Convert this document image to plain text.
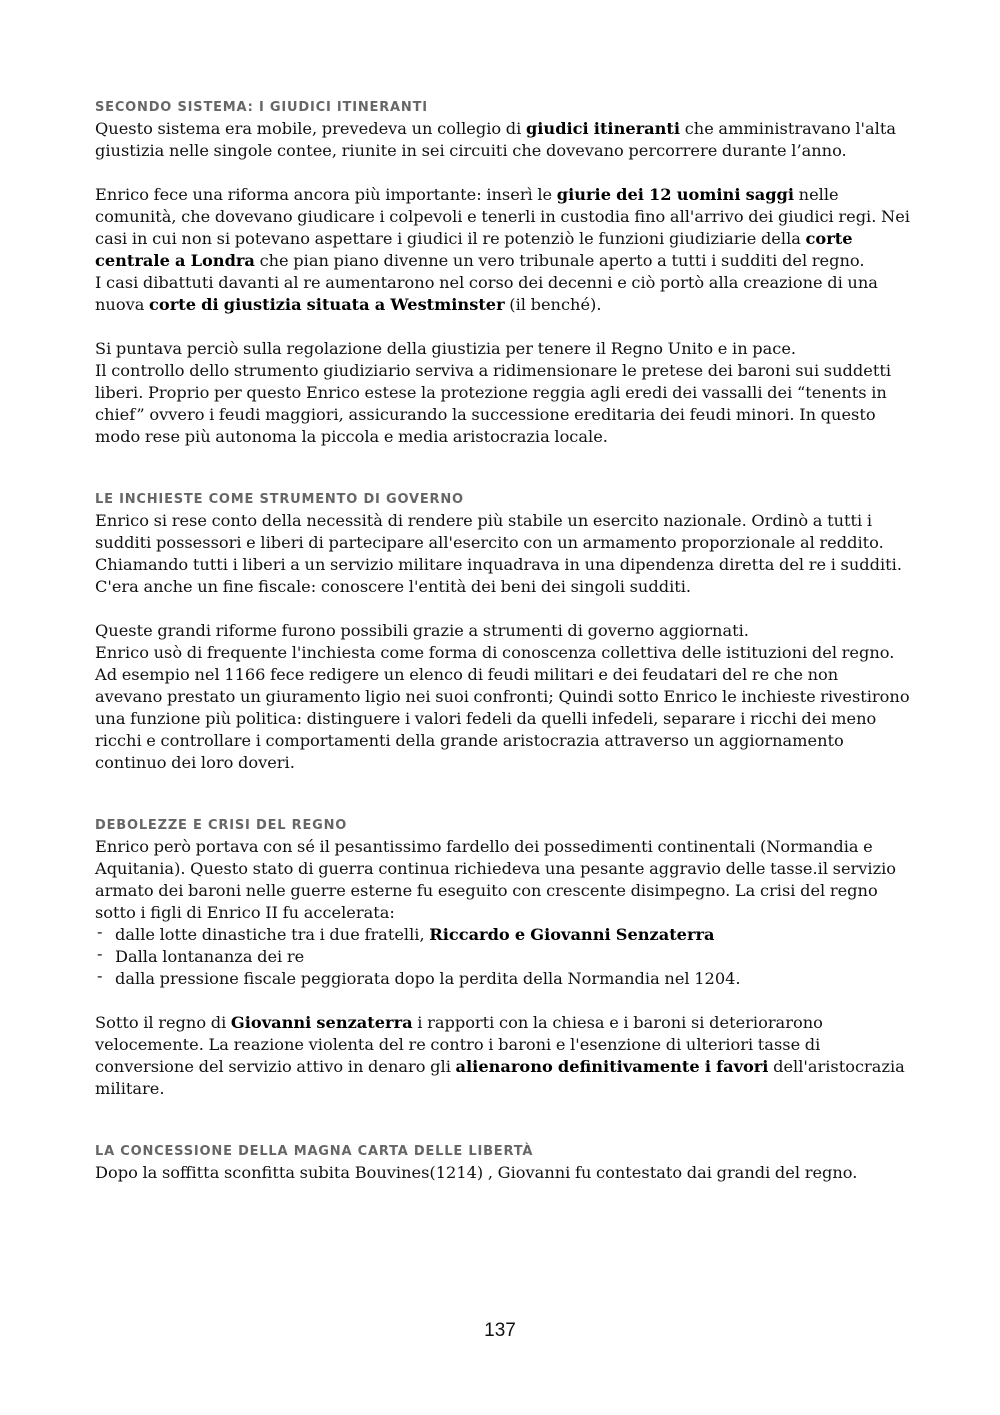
SECONDO SISTEMA: I GIUDICI ITINERANTI

Questo sistema era mobile, prevedeva un collegio di giudici itineranti che amministravano l'alta giustizia nelle singole contee, riunite in sei circuiti che dovevano percorrere durante l’anno.

Enrico fece una riforma ancora più importante: inserì le giurie dei 12 uomini saggi nelle comunità, che dovevano giudicare i colpevoli e tenerli in custodia fino all'arrivo dei giudici regi. Nei casi in cui non si potevano aspettare i giudici il re potenziò le funzioni giudiziarie della corte centrale a Londra che pian piano divenne un vero tribunale aperto a tutti i sudditi del regno.

I casi dibattuti davanti al re aumentarono nel corso dei decenni e ciò portò alla creazione di una nuova corte di giustizia situata a Westminster (il benché).

Si puntava perciò sulla regolazione della giustizia per tenere il Regno Unito e in pace.

Il controllo dello strumento giudiziario serviva a ridimensionare le pretese dei baroni sui suddetti liberi. Proprio per questo Enrico estese la protezione reggia agli eredi dei vassalli dei “tenents in chief” ovvero i feudi maggiori, assicurando la successione ereditaria dei feudi minori. In questo modo rese più autonoma la piccola e media aristocrazia locale.

LE INCHIESTE COME STRUMENTO DI GOVERNO

Enrico si rese conto della necessità di rendere più stabile un esercito nazionale. Ordinò a tutti i sudditi possessori e liberi di partecipare all'esercito con un armamento proporzionale al reddito.

Chiamando tutti i liberi a un servizio militare inquadrava in una dipendenza diretta del re i sudditi. C'era anche un fine fiscale: conoscere l'entità dei beni dei singoli sudditi.

Queste grandi riforme furono possibili grazie a strumenti di governo aggiornati.

Enrico usò di frequente l'inchiesta come forma di conoscenza collettiva delle istituzioni del regno. Ad esempio nel 1166 fece redigere un elenco di feudi militari e dei feudatari del re che non avevano prestato un giuramento ligio nei suoi confronti; Quindi sotto Enrico le inchieste rivestirono una funzione più politica: distinguere i valori fedeli da quelli infedeli, separare i ricchi dei meno ricchi e controllare i comportamenti della grande aristocrazia attraverso un aggiornamento continuo dei loro doveri.

DEBOLEZZE E CRISI DEL REGNO

Enrico però portava con sé il pesantissimo fardello dei possedimenti continentali (Normandia e Aquitania). Questo stato di guerra continua richiedeva una pesante aggravio delle tasse.il servizio armato dei baroni nelle guerre esterne fu eseguito con crescente disimpegno. La crisi del regno sotto i figli di Enrico II fu accelerata:

- dalle lotte dinastiche tra i due fratelli, Riccardo e Giovanni Senzaterra
- Dalla lontananza dei re
- dalla pressione fiscale peggiorata dopo la perdita della Normandia nel 1204.

Sotto il regno di Giovanni senzaterra i rapporti con la chiesa e i baroni si deteriorarono velocemente. La reazione violenta del re contro i baroni e l'esenzione di ulteriori tasse di conversione del servizio attivo in denaro gli alienarono definitivamente i favori dell'aristocrazia militare.

LA CONCESSIONE DELLA MAGNA CARTA DELLE LIBERTÀ

Dopo la soffitta sconfitta subita Bouvines(1214) , Giovanni fu contestato dai grandi del regno.

137
